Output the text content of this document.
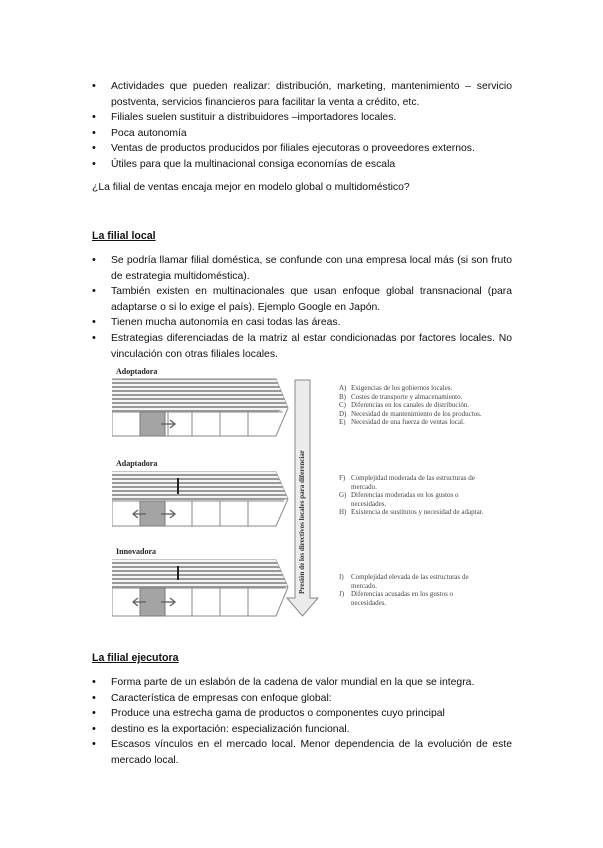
• Actividades que pueden realizar: distribución, marketing, mantenimiento – servicio postventa, servicios financieros para facilitar la venta a crédito, etc.
• Filiales suelen sustituir a distribuidores –importadores locales.
• Poca autonomía
• Ventas de productos producidos por filiales ejecutoras o proveedores externos.
• Útiles para que la multinacional consiga economías de escala

¿La filial de ventas encaja mejor en modelo global o multidoméstico?

La filial local
• Se podría llamar filial doméstica, se confunde con una empresa local más (si son fruto de estrategia multidoméstica).
• También existen en multinacionales que usan enfoque global transnacional (para adaptarse o si lo exige el país). Ejemplo Google en Japón.
• Tienen mucha autonomía en casi todas las áreas.
• Estrategias diferenciadas de la matriz al estar condicionadas por factores locales. No vinculación con otras filiales locales.
Presión de los directivos locales para diferenciar
Adoptadora
Adaptadora
Innovadora
A) Exigencias de los gobiernos locales.
B) Costes de transporte y almacenamiento.
C) Diferencias en los canales de distribución.
D) Necesidad de mantenimiento de los productos.
E) Necesidad de una fuerza de ventas local.
F) Complejidad moderada de las estructuras de mercado.
G) Diferencias moderadas en los gustos o necesidades.
H) Existencia de sustitutos y necesidad de adaptar.
I) Complejidad elevada de las estructuras de mercado.
J) Diferencias acusadas en los gustos o necesidades.
La filial ejecutora
• Forma parte de un eslabón de la cadena de valor mundial en la que se integra.
• Característica de empresas con enfoque global:
• Produce una estrecha gama de productos o componentes cuyo principal
• destino es la exportación: especialización funcional.
• Escasos vínculos en el mercado local. Menor dependencia de la evolución de este mercado local.
